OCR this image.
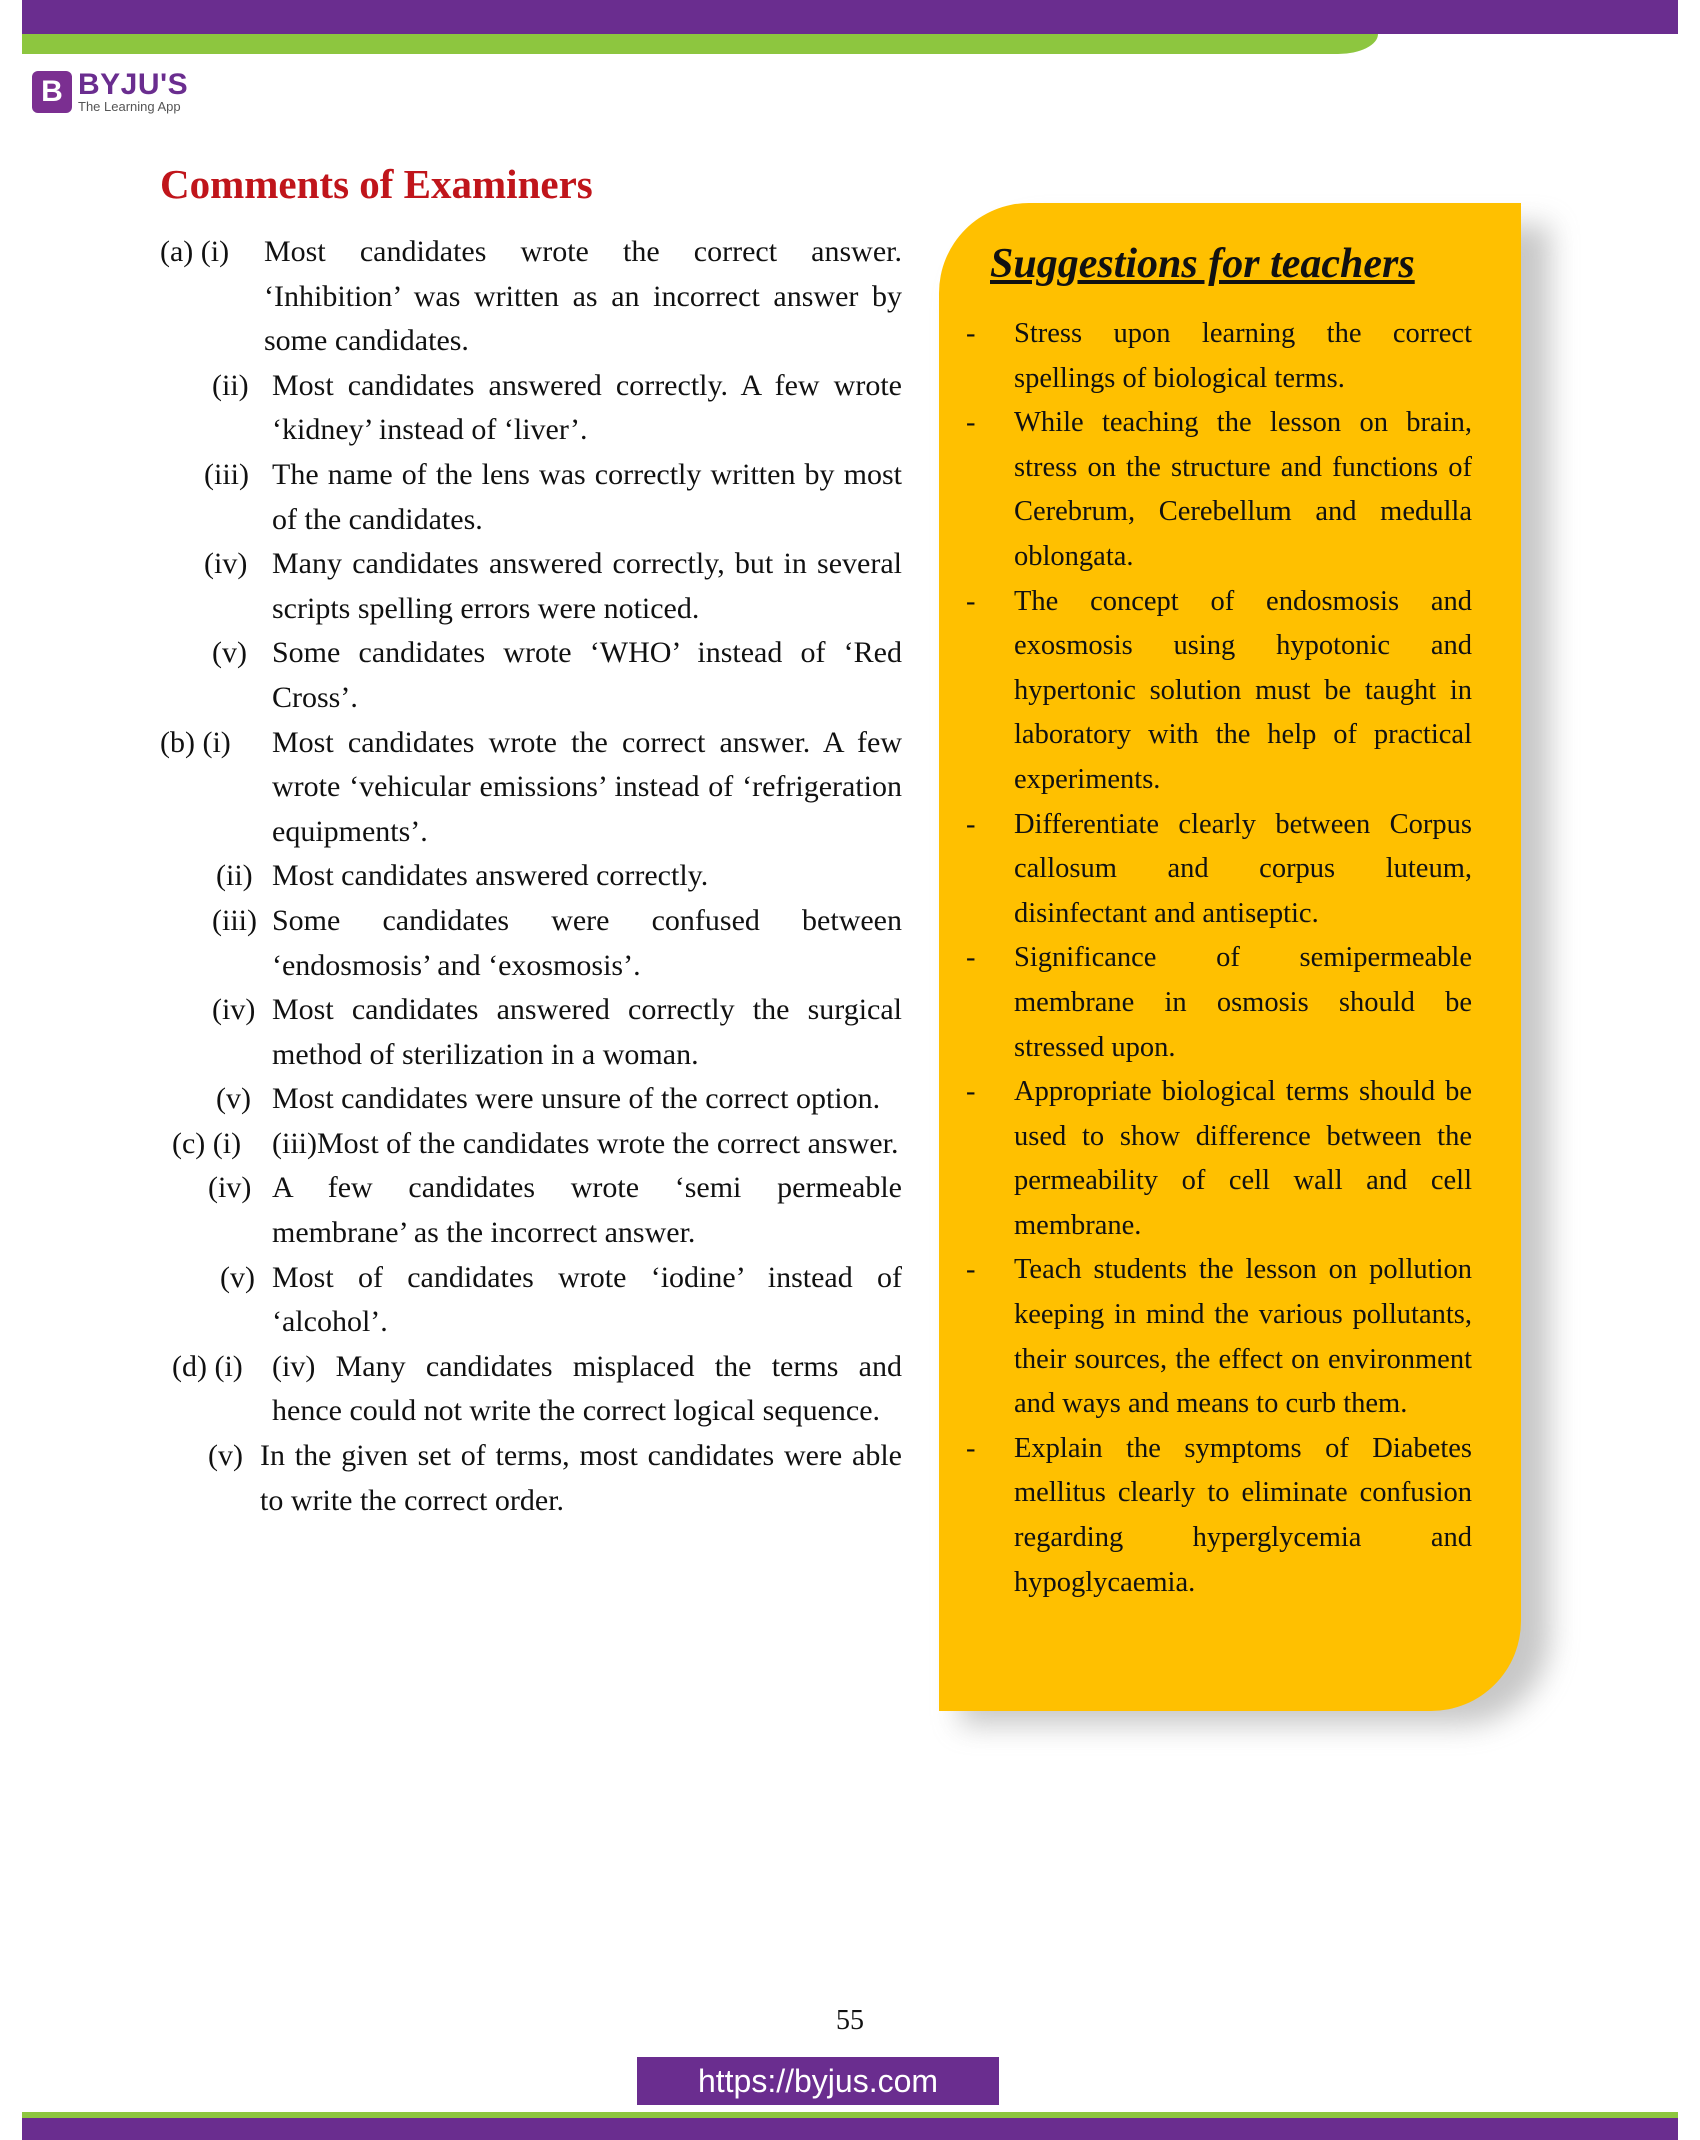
B BYJU'S
The Learning App
Comments of Examiners
(a) (i) Most candidates wrote the correct answer. ‘Inhibition’ was written as an incorrect answer by some candidates.
(ii) Most candidates answered correctly. A few wrote ‘kidney’ instead of ‘liver’.
(iii) The name of the lens was correctly written by most of the candidates.
(iv) Many candidates answered correctly, but in several scripts spelling errors were noticed.
(v) Some candidates wrote ‘WHO’ instead of ‘Red Cross’.
(b) (i) Most candidates wrote the correct answer. A few wrote ‘vehicular emissions’ instead of ‘refrigeration equipments’.
(ii) Most candidates answered correctly.
(iii) Some candidates were confused between ‘endosmosis’ and ‘exosmosis’.
(iv) Most candidates answered correctly the surgical method of sterilization in a woman.
(v) Most candidates were unsure of the correct option.
(c) (i) (iii)Most of the candidates wrote the correct answer.
(iv) A few candidates wrote ‘semi permeable membrane’ as the incorrect answer.
(v) Most of candidates wrote ‘iodine’ instead of ‘alcohol’.
(d) (i) (iv) Many candidates misplaced the terms and hence could not write the correct logical sequence.
(v) In the given set of terms, most candidates were able to write the correct order.
Suggestions for teachers
- Stress upon learning the correct spellings of biological terms.
- While teaching the lesson on brain, stress on the structure and functions of Cerebrum, Cerebellum and medulla oblongata.
- The concept of endosmosis and exosmosis using hypotonic and hypertonic solution must be taught in laboratory with the help of practical experiments.
- Differentiate clearly between Corpus callosum and corpus luteum, disinfectant and antiseptic.
- Significance of semipermeable membrane in osmosis should be stressed upon.
- Appropriate biological terms should be used to show difference between the permeability of cell wall and cell membrane.
- Teach students the lesson on pollution keeping in mind the various pollutants, their sources, the effect on environment and ways and means to curb them.
- Explain the symptoms of Diabetes mellitus clearly to eliminate confusion regarding hyperglycemia and hypoglycaemia.
55
https://byjus.com
